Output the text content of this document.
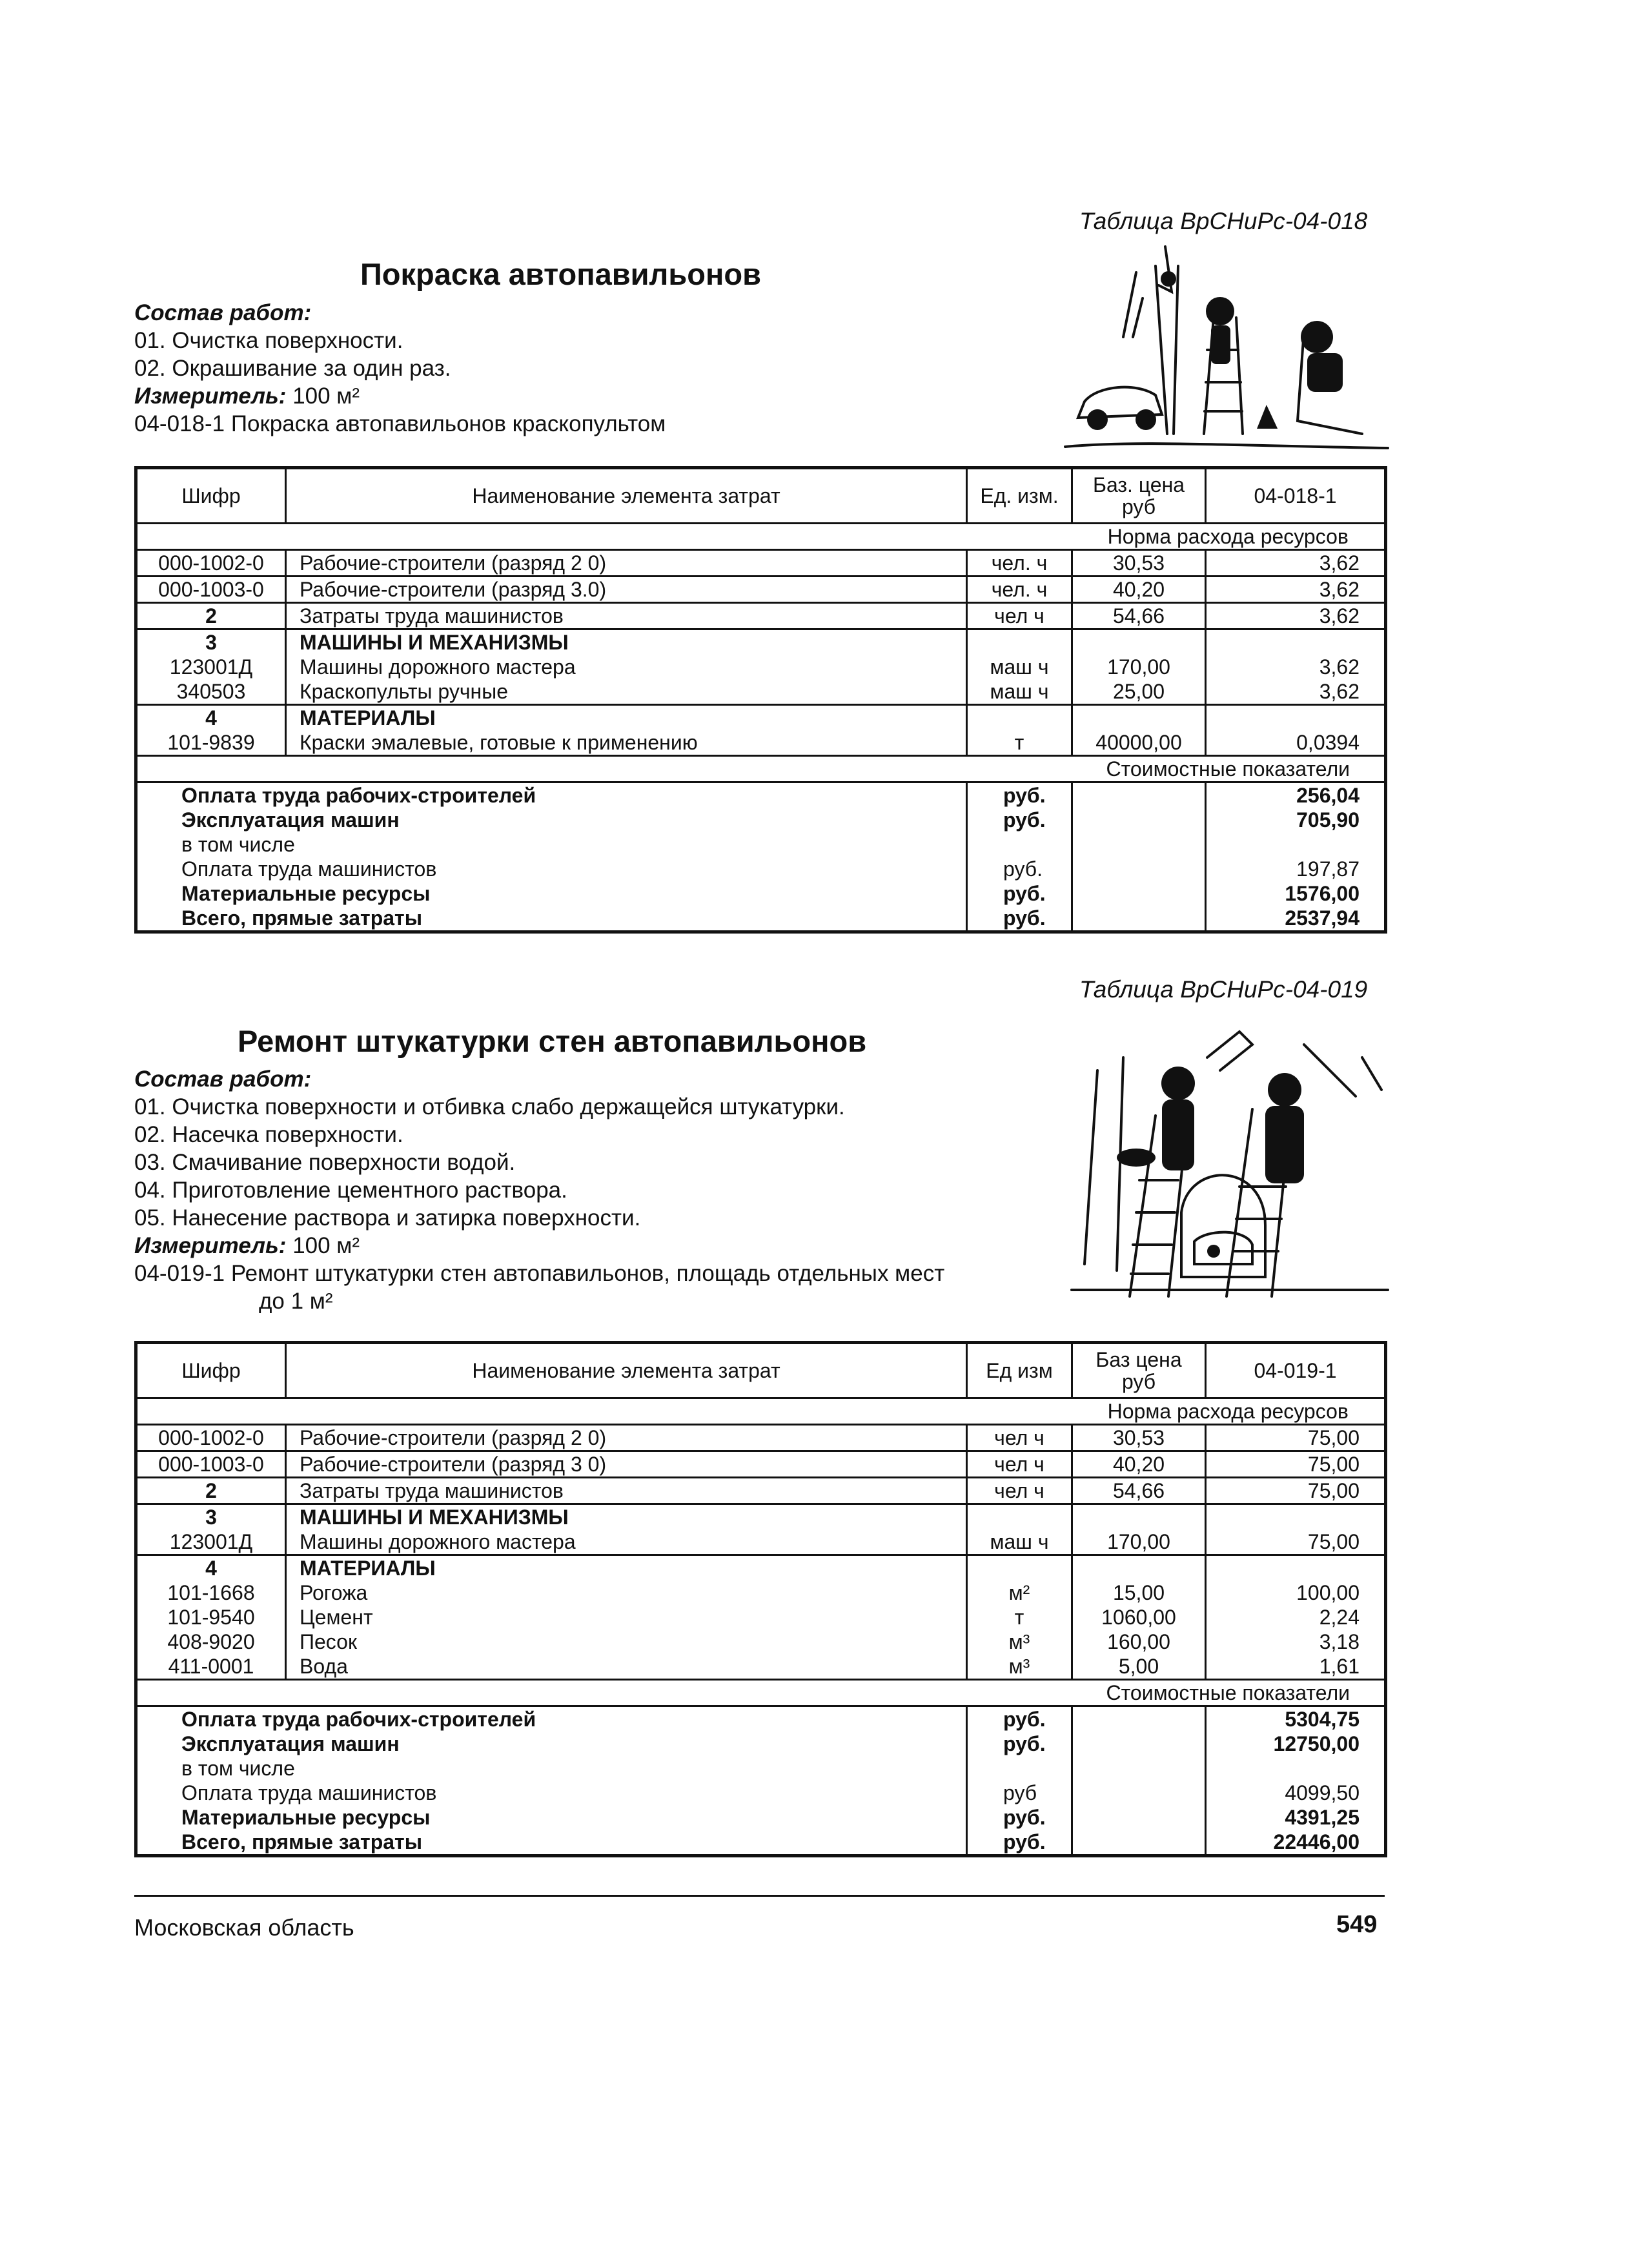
Таблица ВрСНиРс-04-018
Покраска автопавильонов
Состав работ:
01. Очистка поверхности.
02. Окрашивание за один раз.
Измеритель: 100 м²
04-018-1 Покраска автопавильонов краскопультом
Шифр	Наименование элемента затрат	Ед. изм.	Баз. цена руб	04-018-1
			Норма расхода ресурсов	
000-1002-0	Рабочие-строители (разряд 2 0)	чел. ч	30,53	3,62
000-1003-0	Рабочие-строители (разряд 3.0)	чел. ч	40,20	3,62
2	Затраты труда машинистов	чел ч	54,66	3,62
3	МАШИНЫ И МЕХАНИЗМЫ			
123001Д	Машины дорожного мастера	маш ч	170,00	3,62
340503	Краскопульты ручные	маш ч	25,00	3,62
4	МАТЕРИАЛЫ			
101-9839	Краски эмалевые, готовые к применению	т	40000,00	0,0394
			Стоимостные показатели	
Оплата труда рабочих-строителей		руб.		256,04
Эксплуатация машин		руб.		705,90
в том числе				
Оплата труда машинистов		руб.		197,87
Материальные ресурсы		руб.		1576,00
Всего, прямые затраты		руб.		2537,94
Таблица ВрСНиРс-04-019
Ремонт штукатурки стен автопавильонов
Состав работ:
01. Очистка поверхности и отбивка слабо держащейся штукатурки.
02. Насечка поверхности.
03. Смачивание поверхности водой.
04. Приготовление цементного раствора.
05. Нанесение раствора и затирка поверхности.
Измеритель: 100 м²
04-019-1 Ремонт штукатурки стен автопавильонов, площадь отдельных мест
до 1 м²
Шифр	Наименование элемента затрат	Ед изм	Баз цена руб	04-019-1
			Норма расхода ресурсов	
000-1002-0	Рабочие-строители (разряд 2 0)	чел ч	30,53	75,00
000-1003-0	Рабочие-строители (разряд 3 0)	чел ч	40,20	75,00
2	Затраты труда машинистов	чел ч	54,66	75,00
3	МАШИНЫ И МЕХАНИЗМЫ			
123001Д	Машины дорожного мастера	маш ч	170,00	75,00
4	МАТЕРИАЛЫ			
101-1668	Рогожа	м²	15,00	100,00
101-9540	Цемент	т	1060,00	2,24
408-9020	Песок	м³	160,00	3,18
411-0001	Вода	м³	5,00	1,61
			Стоимостные показатели	
Оплата труда рабочих-строителей		руб.		5304,75
Эксплуатация машин		руб.		12750,00
в том числе				
Оплата труда машинистов		руб		4099,50
Материальные ресурсы		руб.		4391,25
Всего, прямые затраты		руб.		22446,00
Московская область	549
